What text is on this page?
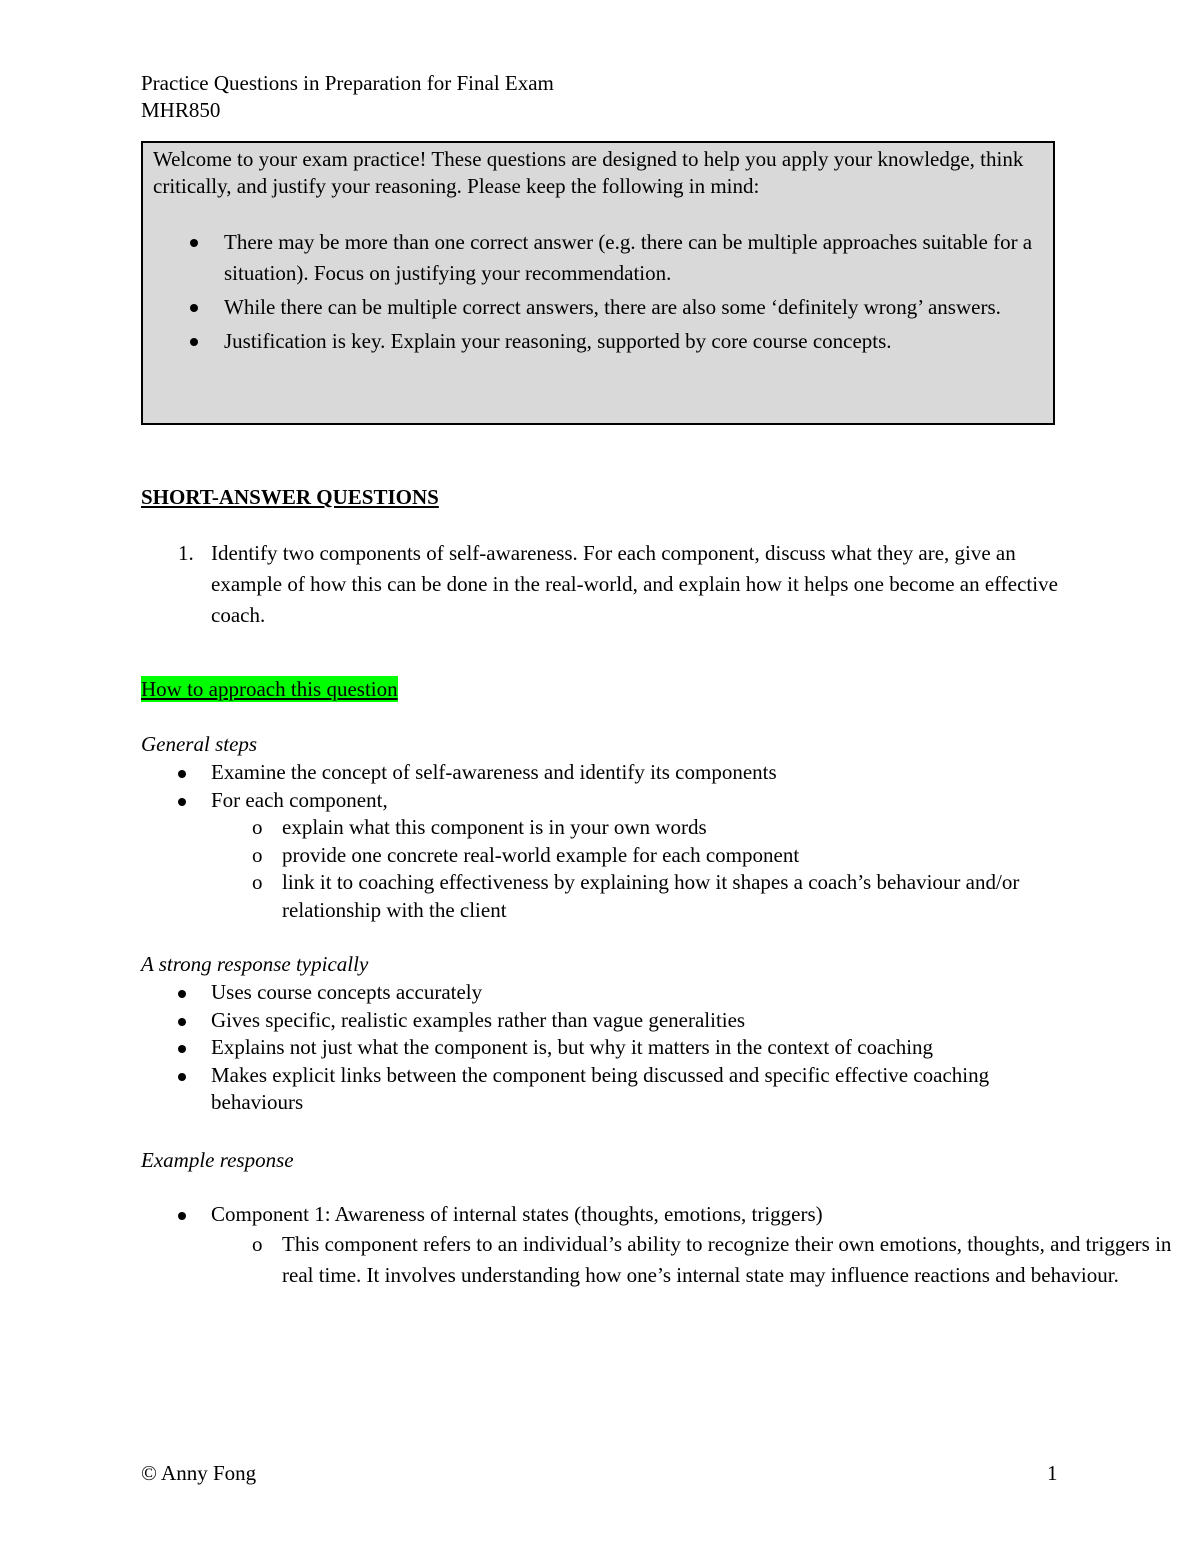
Practice Questions in Preparation for Final Exam
MHR850

Welcome to your exam practice! These questions are designed to help you apply your knowledge, think critically, and justify your reasoning. Please keep the following in mind:

There may be more than one correct answer (e.g. there can be multiple approaches suitable for a situation). Focus on justifying your recommendation.
While there can be multiple correct answers, there are also some ‘definitely wrong’ answers.
Justification is key. Explain your reasoning, supported by core course concepts.
SHORT-ANSWER QUESTIONS
1. Identify two components of self-awareness. For each component, discuss what they are, give an example of how this can be done in the real-world, and explain how it helps one become an effective coach.
How to approach this question
General steps
Examine the concept of self-awareness and identify its components
For each component,
o explain what this component is in your own words
o provide one concrete real-world example for each component
o link it to coaching effectiveness by explaining how it shapes a coach’s behaviour and/or relationship with the client
A strong response typically
Uses course concepts accurately
Gives specific, realistic examples rather than vague generalities
Explains not just what the component is, but why it matters in the context of coaching
Makes explicit links between the component being discussed and specific effective coaching behaviours
Example response
Component 1: Awareness of internal states (thoughts, emotions, triggers)
o This component refers to an individual’s ability to recognize their own emotions, thoughts, and triggers in real time. It involves understanding how one’s internal state may influence reactions and behaviour.
© Anny Fong	1
